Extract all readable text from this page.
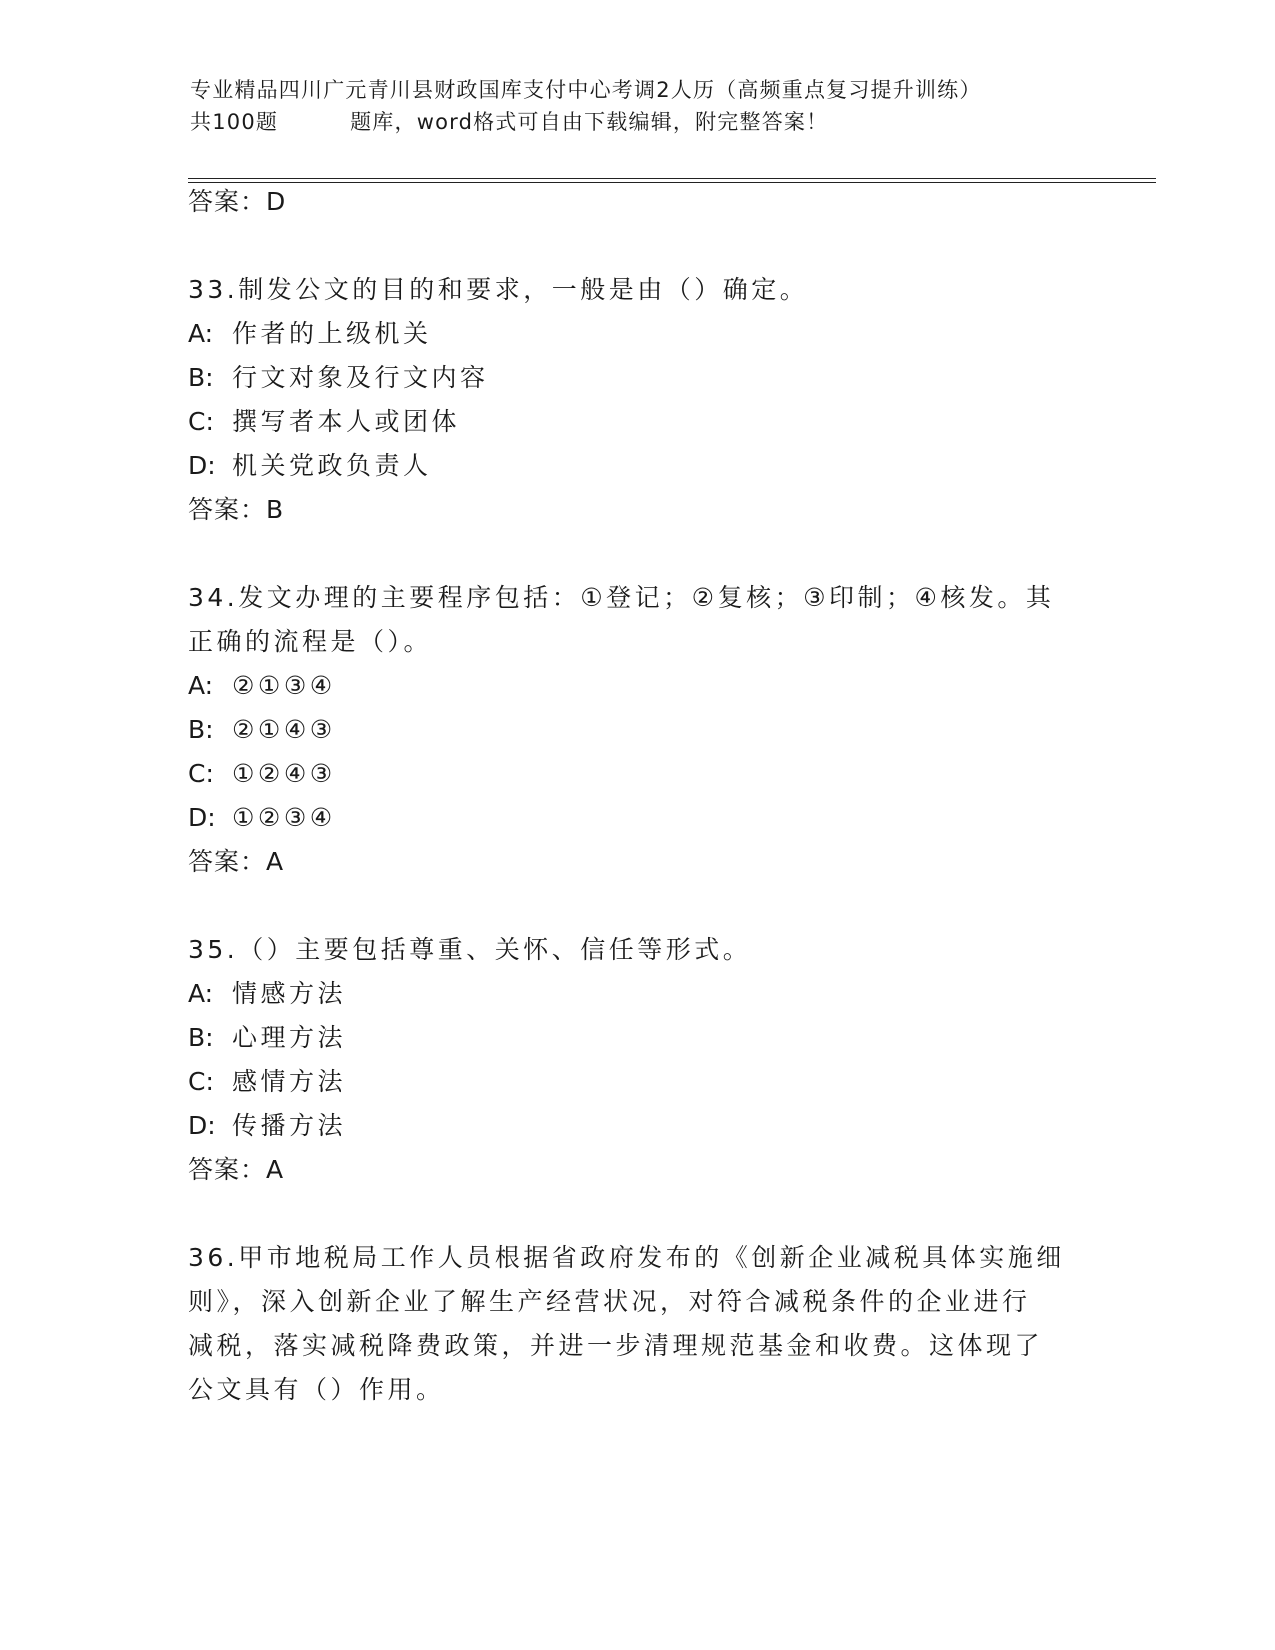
专业精品四川广元青川县财政国库支付中心考调2人历（高频重点复习提升训练）
共100题	题库，word格式可自由下载编辑，附完整答案！
答案：D
33.制发公文的目的和要求，一般是由（）确定。
A: 作者的上级机关
B: 行文对象及行文内容
C: 撰写者本人或团体
D: 机关党政负责人
答案：B
34.发文办理的主要程序包括：①登记；②复核；③印制；④核发。其
正确的流程是（）。
A: ②①③④
B: ②①④③
C: ①②④③
D: ①②③④
答案：A
35.（）主要包括尊重、关怀、信任等形式。
A: 情感方法
B: 心理方法
C: 感情方法
D: 传播方法
答案：A
36.甲市地税局工作人员根据省政府发布的《创新企业减税具体实施细
则》，深入创新企业了解生产经营状况，对符合减税条件的企业进行
减税，落实减税降费政策，并进一步清理规范基金和收费。这体现了
公文具有（）作用。
